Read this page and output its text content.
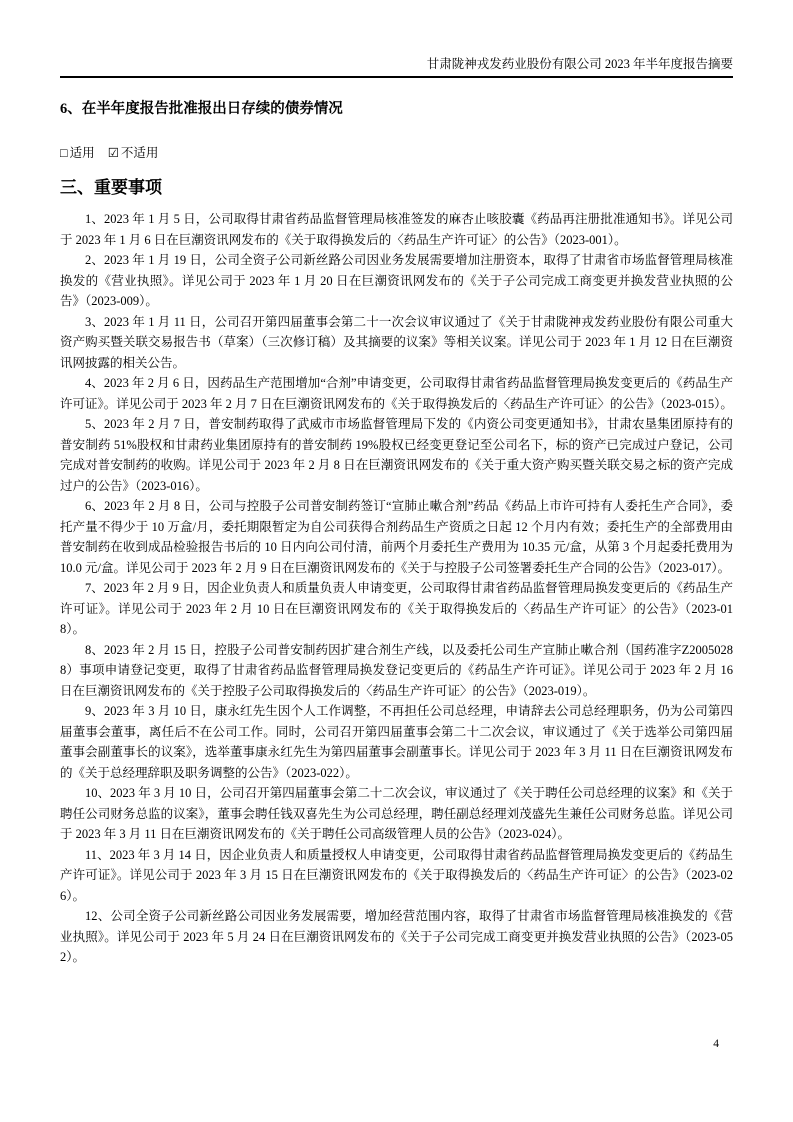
甘肃陇神戎发药业股份有限公司 2023 年半年度报告摘要
6、在半年度报告批准报出日存续的债券情况
□ 适用 ☑ 不适用
三、重要事项

1、2023 年 1 月 5 日，公司取得甘肃省药品监督管理局核准签发的麻杏止咳胶囊《药品再注册批准通知书》。详见公司于 2023 年 1 月 6 日在巨潮资讯网发布的《关于取得换发后的〈药品生产许可证〉的公告》（2023-001）。

2、2023 年 1 月 19 日，公司全资子公司新丝路公司因业务发展需要增加注册资本，取得了甘肃省市场监督管理局核准换发的《营业执照》。详见公司于 2023 年 1 月 20 日在巨潮资讯网发布的《关于子公司完成工商变更并换发营业执照的公告》（2023-009）。

3、2023 年 1 月 11 日，公司召开第四届董事会第二十一次会议审议通过了《关于甘肃陇神戎发药业股份有限公司重大资产购买暨关联交易报告书（草案）（三次修订稿）及其摘要的议案》等相关议案。详见公司于 2023 年 1 月 12 日在巨潮资讯网披露的相关公告。

4、2023 年 2 月 6 日，因药品生产范围增加“合剂”申请变更，公司取得甘肃省药品监督管理局换发变更后的《药品生产许可证》。详见公司于 2023 年 2 月 7 日在巨潮资讯网发布的《关于取得换发后的〈药品生产许可证〉的公告》（2023-015）。

5、2023 年 2 月 7 日，普安制药取得了武威市市场监督管理局下发的《内资公司变更通知书》，甘肃农垦集团原持有的普安制药 51%股权和甘肃药业集团原持有的普安制药 19%股权已经变更登记至公司名下，标的资产已完成过户登记，公司完成对普安制药的收购。详见公司于 2023 年 2 月 8 日在巨潮资讯网发布的《关于重大资产购买暨关联交易之标的资产完成过户的公告》（2023-016）。

6、2023 年 2 月 8 日，公司与控股子公司普安制药签订“宣肺止嗽合剂”药品《药品上市许可持有人委托生产合同》，委托产量不得少于 10 万盒/月，委托期限暂定为自公司获得合剂药品生产资质之日起 12 个月内有效；委托生产的全部费用由普安制药在收到成品检验报告书后的 10 日内向公司付清，前两个月委托生产费用为 10.35 元/盒，从第 3 个月起委托费用为 10.0 元/盒。详见公司于 2023 年 2 月 9 日在巨潮资讯网发布的《关于与控股子公司签署委托生产合同的公告》（2023-017）。

7、2023 年 2 月 9 日，因企业负责人和质量负责人申请变更，公司取得甘肃省药品监督管理局换发变更后的《药品生产许可证》。详见公司于 2023 年 2 月 10 日在巨潮资讯网发布的《关于取得换发后的〈药品生产许可证〉的公告》（2023-018）。

8、2023 年 2 月 15 日，控股子公司普安制药因扩建合剂生产线，以及委托公司生产宣肺止嗽合剂（国药准字Z20050288）事项申请登记变更，取得了甘肃省药品监督管理局换发登记变更后的《药品生产许可证》。详见公司于 2023 年 2 月 16 日在巨潮资讯网发布的《关于控股子公司取得换发后的〈药品生产许可证〉的公告》（2023-019）。

9、2023 年 3 月 10 日，康永红先生因个人工作调整，不再担任公司总经理，申请辞去公司总经理职务，仍为公司第四届董事会董事，离任后不在公司工作。同时，公司召开第四届董事会第二十二次会议，审议通过了《关于选举公司第四届董事会副董事长的议案》，选举董事康永红先生为第四届董事会副董事长。详见公司于 2023 年 3 月 11 日在巨潮资讯网发布的《关于总经理辞职及职务调整的公告》（2023-022）。

10、2023 年 3 月 10 日，公司召开第四届董事会第二十二次会议，审议通过了《关于聘任公司总经理的议案》和《关于聘任公司财务总监的议案》，董事会聘任钱双喜先生为公司总经理，聘任副总经理刘茂盛先生兼任公司财务总监。详见公司于 2023 年 3 月 11 日在巨潮资讯网发布的《关于聘任公司高级管理人员的公告》（2023-024）。

11、2023 年 3 月 14 日，因企业负责人和质量授权人申请变更，公司取得甘肃省药品监督管理局换发变更后的《药品生产许可证》。详见公司于 2023 年 3 月 15 日在巨潮资讯网发布的《关于取得换发后的〈药品生产许可证〉的公告》（2023-026）。

12、公司全资子公司新丝路公司因业务发展需要，增加经营范围内容，取得了甘肃省市场监督管理局核准换发的《营业执照》。详见公司于 2023 年 5 月 24 日在巨潮资讯网发布的《关于子公司完成工商变更并换发营业执照的公告》（2023-052）。

4
